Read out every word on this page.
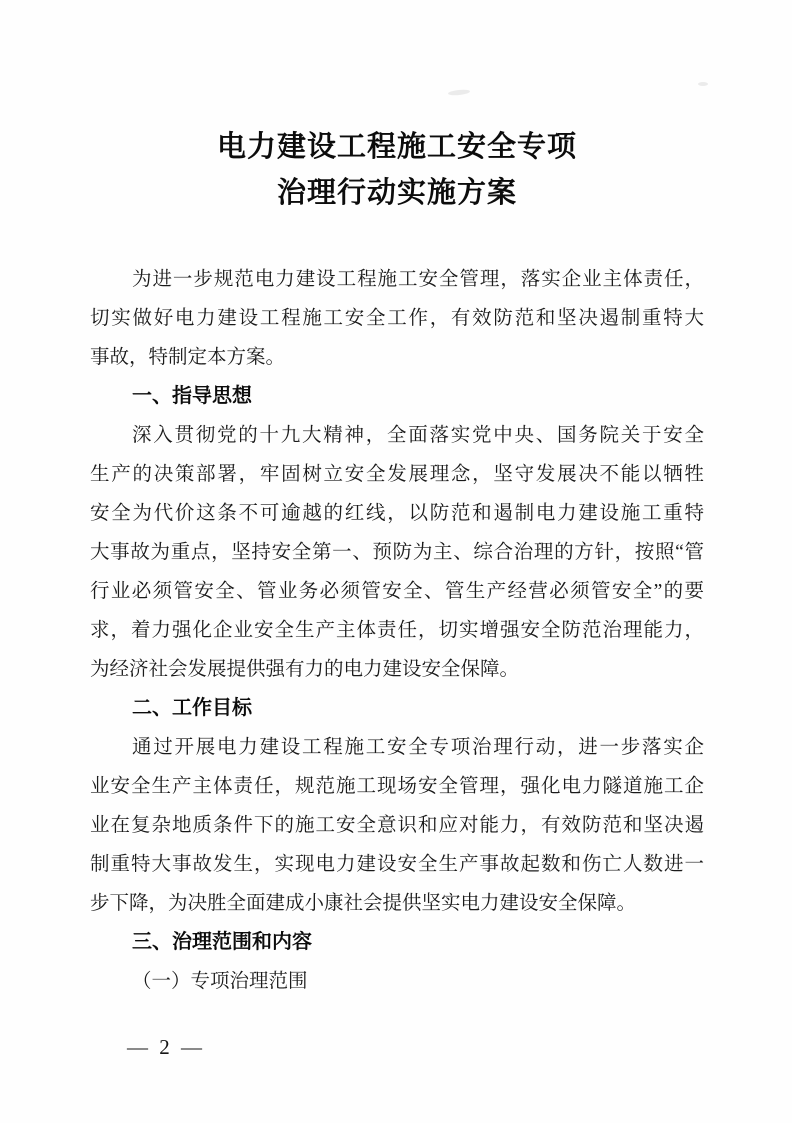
电力建设工程施工安全专项
治理行动实施方案
为进一步规范电力建设工程施工安全管理，落实企业主体责任，
切实做好电力建设工程施工安全工作，有效防范和坚决遏制重特大
事故，特制定本方案。
一、指导思想
深入贯彻党的十九大精神，全面落实党中央、国务院关于安全
生产的决策部署，牢固树立安全发展理念，坚守发展决不能以牺牲
安全为代价这条不可逾越的红线，以防范和遏制电力建设施工重特
大事故为重点，坚持安全第一、预防为主、综合治理的方针，按照“管
行业必须管安全、管业务必须管安全、管生产经营必须管安全”的要
求，着力强化企业安全生产主体责任，切实增强安全防范治理能力，
为经济社会发展提供强有力的电力建设安全保障。
二、工作目标
通过开展电力建设工程施工安全专项治理行动，进一步落实企
业安全生产主体责任，规范施工现场安全管理，强化电力隧道施工企
业在复杂地质条件下的施工安全意识和应对能力，有效防范和坚决遏
制重特大事故发生，实现电力建设安全生产事故起数和伤亡人数进一
步下降，为决胜全面建成小康社会提供坚实电力建设安全保障。
三、治理范围和内容
（一）专项治理范围
— 2 —
